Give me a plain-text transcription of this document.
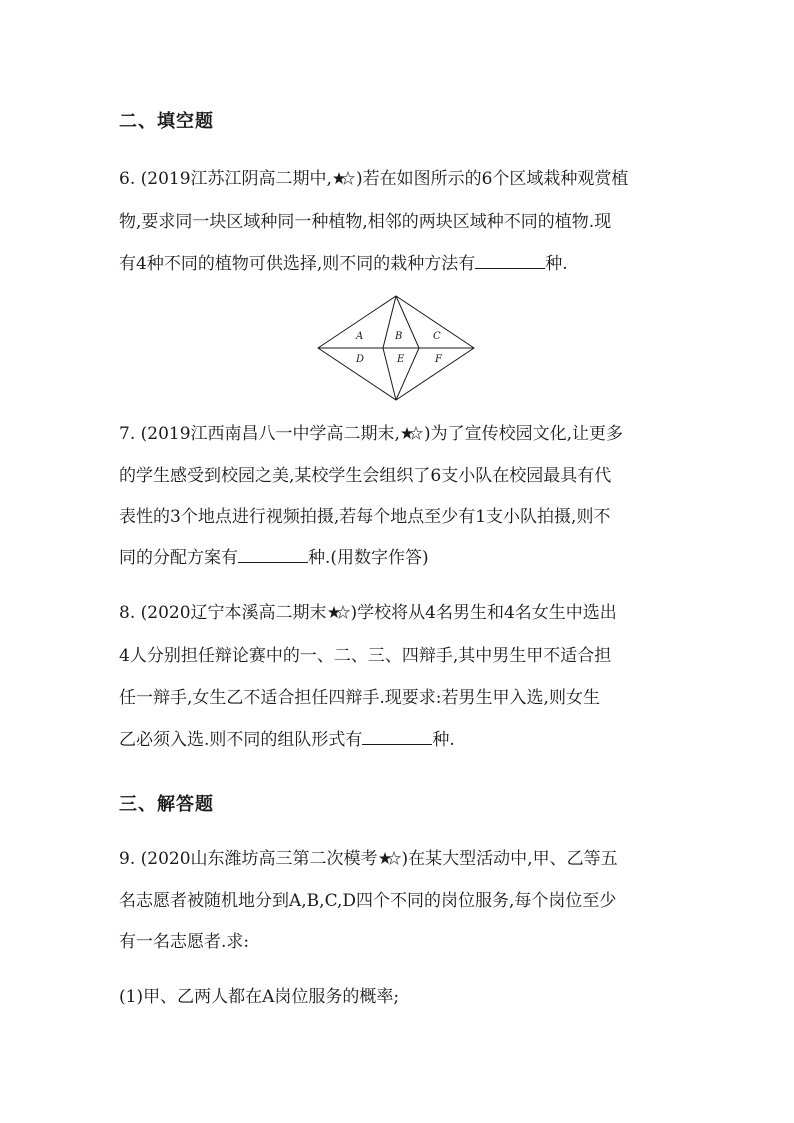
二、填空题
6. (2019江苏江阴高二期中, )若在如图所示的6个区域栽种观赏植
物,要求同一块区域种同一种植物,相邻的两块区域种不同的植物.现
有4种不同的植物可供选择,则不同的栽种方法有	种.
A	B	C
D	E	F
7. (2019江西南昌八一中学高二期末, )为了宣传校园文化,让更多
的学生感受到校园之美,某校学生会组织了6支小队在校园最具有代
表性的3个地点进行视频拍摄,若每个地点至少有1支小队拍摄,则不
同的分配方案有	种.(用数字作答)
8. (2020辽宁本溪高二期末 )学校将从4名男生和4名女生中选出
4人分别担任辩论赛中的一、二、三、四辩手,其中男生甲不适合担
任一辩手,女生乙不适合担任四辩手.现要求:若男生甲入选,则女生
乙必须入选.则不同的组队形式有	种.
三、解答题
9. (2020山东潍坊高三第二次模考 )在某大型活动中,甲、乙等五
名志愿者被随机地分到A,B,C,D四个不同的岗位服务,每个岗位至少
有一名志愿者.求:
(1)甲、乙两人都在A岗位服务的概率;
